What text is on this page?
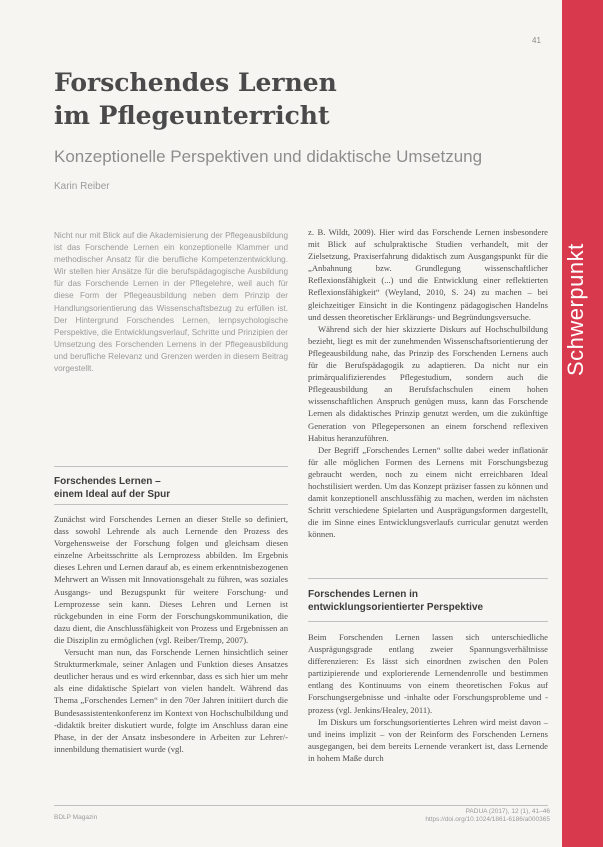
41
Schwerpunkt
Forschendes Lernen
im Pflegeunterricht
Konzeptionelle Perspektiven und didaktische Umsetzung
Karin Reiber

Nicht nur mit Blick auf die Akademisierung der Pflegeausbildung ist das Forschende Lernen ein konzeptionelle Klammer und methodischer Ansatz für die berufliche Kompetenzentwicklung. Wir stellen hier Ansätze für die berufspädagogische Ausbildung für das Forschende Lernen in der Pflegelehre, weil auch für diese Form der Pflegeausbildung neben dem Prinzip der Handlungsorientierung das Wissenschaftsbezug zu erfüllen ist. Der Hintergrund Forschendes Lernen, lernpsychologische Perspektive, die Entwicklungsverlauf, Schritte und Prinzipien der Umsetzung des Forschenden Lernens in der Pflegeausbildung und berufliche Relevanz und Grenzen werden in diesem Beitrag vorgestellt.

Forschendes Lernen –
einem Ideal auf der Spur

Zunächst wird Forschendes Lernen an dieser Stelle so definiert, dass sowohl Lehrende als auch Lernende den Prozess des Vorgehensweise der Forschung folgen und gleichsam diesen einzelne Arbeitsschritte als Lernprozess abbilden. Im Ergebnis dieses Lehren und Lernen darauf ab, es einem erkenntnisbezogenen Mehrwert an Wissen mit Innovationsgehalt zu führen, was soziales Ausgangs- und Bezugspunkt für weitere Forschung- und Lernprozesse sein kann. Dieses Lehren und Lernen ist rückgebunden in eine Form der Forschungskommunikation, die dazu dient, die Anschlussfähigkeit von Prozess und Ergebnissen an die Disziplin zu ermöglichen (vgl. Reiber/Tremp, 2007).

Versucht man nun, das Forschende Lernen hinsichtlich seiner Strukturmerkmale, seiner Anlagen und Funktion dieses Ansatzes deutlicher heraus und es wird erkennbar, dass es sich hier um mehr als eine didaktische Spielart von vielen handelt. Während das Thema „Forschendes Lernen“ in den 70er Jahren initiiert durch die Bundesassistentenkonferenz im Kontext von Hochschulbildung und -didaktik breiter diskutiert wurde, folgte im Anschluss daran eine Phase, in der der Ansatz insbesondere in Arbeiten zur Lehrer/-innenbildung thematisiert wurde (vgl.

z. B. Wildt, 2009). Hier wird das Forschende Lernen insbesondere mit Blick auf schulpraktische Studien verhandelt, mit der Zielsetzung, Praxiserfahrung didaktisch zum Ausgangspunkt für die „Anbahnung bzw. Grundlegung wissenschaftlicher Reflexionsfähigkeit (...) und die Entwicklung einer reflektierten Reflexionsfähigkeit“ (Weyland, 2010, S. 24) zu machen – bei gleichzeitiger Einsicht in die Kontingenz pädagogischen Handelns und dessen theoretischer Erklärungs- und Begründungsversuche.

Während sich der hier skizzierte Diskurs auf Hochschulbildung bezieht, liegt es mit der zunehmenden Wissenschaftsorientierung der Pflegeausbildung nahe, das Prinzip des Forschenden Lernens auch für die Berufspädagogik zu adaptieren. Da nicht nur ein primärqualifizierendes Pflegestudium, sondern auch die Pflegeausbildung an Berufsfachschulen einem hohen wissenschaftlichen Anspruch genügen muss, kann das Forschende Lernen als didaktisches Prinzip genutzt werden, um die zukünftige Generation von Pflegepersonen an einem forschend reflexiven Habitus heranzuführen.

Der Begriff „Forschendes Lernen“ sollte dabei weder inflationär für alle möglichen Formen des Lernens mit Forschungsbezug gebraucht werden, noch zu einem nicht erreichbaren Ideal hochstilisiert werden. Um das Konzept präziser fassen zu können und damit konzeptionell anschlussfähig zu machen, werden im nächsten Schritt verschiedene Spielarten und Ausprägungsformen dargestellt, die im Sinne eines Entwicklungsverlaufs curricular genutzt werden können.

Forschendes Lernen in
entwicklungsorientierter Perspektive

Beim Forschenden Lernen lassen sich unterschiedliche Ausprägungsgrade entlang zweier Spannungsverhältnisse differenzieren: Es lässt sich einordnen zwischen den Polen partizipierende und explorierende Lernendenrolle und bestimmen entlang des Kontinuums von einem theoretischen Fokus auf Forschungsergebnisse und -inhalte oder Forschungsprobleme und -prozess (vgl. Jenkins/Healey, 2011).

Im Diskurs um forschungsorientiertes Lehren wird meist davon – und ineins implizit – von der Reinform des Forschenden Lernens ausgegangen, bei dem bereits Lernende verankert ist, dass Lernende in hohem Maße durch

BDLP Magazin
PADUA (2017), 12 (1), 41–46
https://doi.org/10.1024/1861-6186/a000365
